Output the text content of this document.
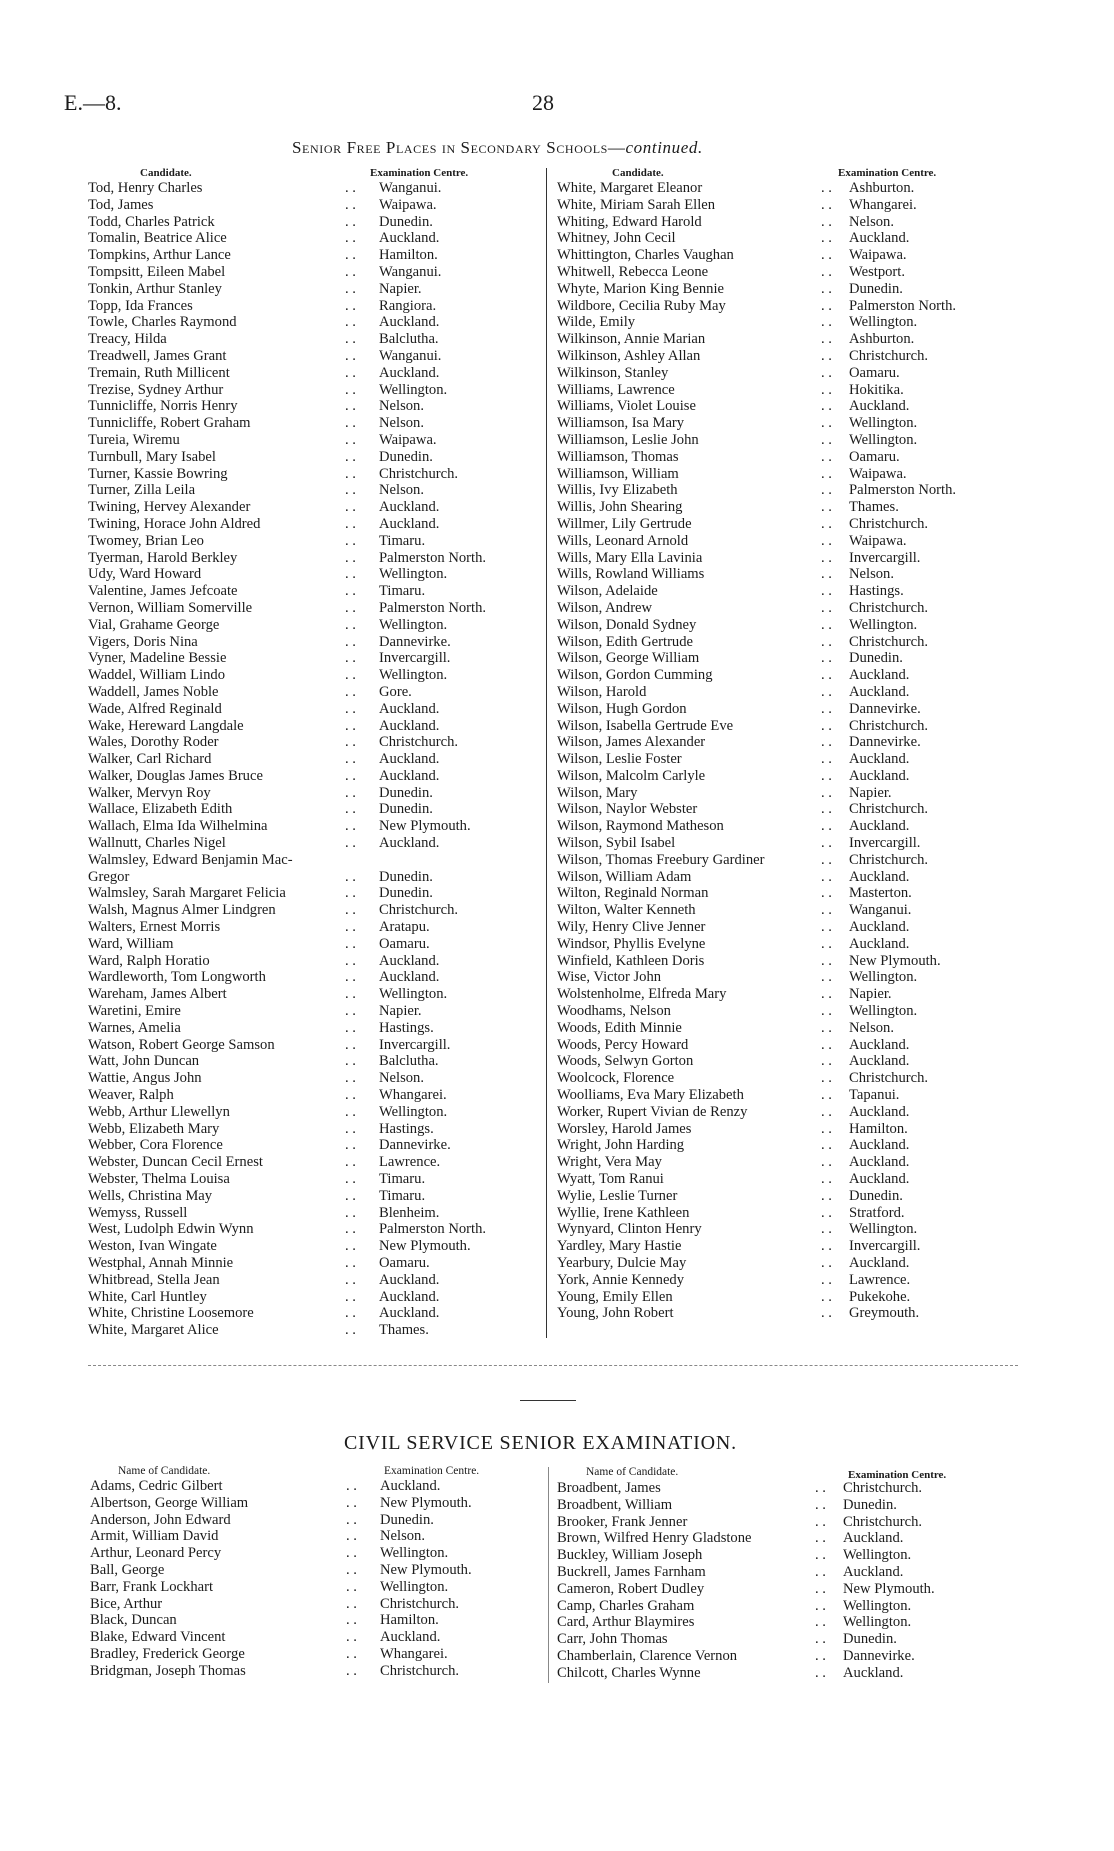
E.—8.	28
Senior Free Places in Secondary Schools—continued.
Candidate.	Examination Centre.	Candidate.	Examination Centre.
Tod, Henry Charles	. .	Wanganui.
Tod, James	. .	Waipawa.
Todd, Charles Patrick	. .	Dunedin.
Tomalin, Beatrice Alice	. .	Auckland.
Tompkins, Arthur Lance	. .	Hamilton.
Tompsitt, Eileen Mabel	. .	Wanganui.
Tonkin, Arthur Stanley	. .	Napier.
Topp, Ida Frances	. .	Rangiora.
Towle, Charles Raymond	. .	Auckland.
Treacy, Hilda	. .	Balclutha.
Treadwell, James Grant	. .	Wanganui.
Tremain, Ruth Millicent	. .	Auckland.
Trezise, Sydney Arthur	. .	Wellington.
Tunnicliffe, Norris Henry	. .	Nelson.
Tunnicliffe, Robert Graham	. .	Nelson.
Tureia, Wiremu	. .	Waipawa.
Turnbull, Mary Isabel	. .	Dunedin.
Turner, Kassie Bowring	. .	Christchurch.
Turner, Zilla Leila	. .	Nelson.
Twining, Hervey Alexander	. .	Auckland.
Twining, Horace John Aldred	. .	Auckland.
Twomey, Brian Leo	. .	Timaru.
Tyerman, Harold Berkley	. .	Palmerston North.
Udy, Ward Howard	. .	Wellington.
Valentine, James Jefcoate	. .	Timaru.
Vernon, William Somerville	. .	Palmerston North.
Vial, Grahame George	. .	Wellington.
Vigers, Doris Nina	. .	Dannevirke.
Vyner, Madeline Bessie	. .	Invercargill.
Waddel, William Lindo	. .	Wellington.
Waddell, James Noble	. .	Gore.
Wade, Alfred Reginald	. .	Auckland.
Wake, Hereward Langdale	. .	Auckland.
Wales, Dorothy Roder	. .	Christchurch.
Walker, Carl Richard	. .	Auckland.
Walker, Douglas James Bruce	. .	Auckland.
Walker, Mervyn Roy	. .	Dunedin.
Wallace, Elizabeth Edith	. .	Dunedin.
Wallach, Elma Ida Wilhelmina	. .	New Plymouth.
Wallnutt, Charles Nigel	. .	Auckland.
Walmsley, Edward Benjamin Mac-
Gregor	. .	Dunedin.
Walmsley, Sarah Margaret Felicia	. .	Dunedin.
Walsh, Magnus Almer Lindgren	. .	Christchurch.
Walters, Ernest Morris	. .	Aratapu.
Ward, William	. .	Oamaru.
Ward, Ralph Horatio	. .	Auckland.
Wardleworth, Tom Longworth	. .	Auckland.
Wareham, James Albert	. .	Wellington.
Waretini, Emire	. .	Napier.
Warnes, Amelia	. .	Hastings.
Watson, Robert George Samson	. .	Invercargill.
Watt, John Duncan	. .	Balclutha.
Wattie, Angus John	. .	Nelson.
Weaver, Ralph	. .	Whangarei.
Webb, Arthur Llewellyn	. .	Wellington.
Webb, Elizabeth Mary	. .	Hastings.
Webber, Cora Florence	. .	Dannevirke.
Webster, Duncan Cecil Ernest	. .	Lawrence.
Webster, Thelma Louisa	. .	Timaru.
Wells, Christina May	. .	Timaru.
Wemyss, Russell	. .	Blenheim.
West, Ludolph Edwin Wynn	. .	Palmerston North.
Weston, Ivan Wingate	. .	New Plymouth.
Westphal, Annah Minnie	. .	Oamaru.
Whitbread, Stella Jean	. .	Auckland.
White, Carl Huntley	. .	Auckland.
White, Christine Loosemore	. .	Auckland.
White, Margaret Alice	. .	Thames.
White, Margaret Eleanor	. .	Ashburton.
White, Miriam Sarah Ellen	. .	Whangarei.
Whiting, Edward Harold	. .	Nelson.
Whitney, John Cecil	. .	Auckland.
Whittington, Charles Vaughan	. .	Waipawa.
Whitwell, Rebecca Leone	. .	Westport.
Whyte, Marion King Bennie	. .	Dunedin.
Wildbore, Cecilia Ruby May	. .	Palmerston North.
Wilde, Emily	. .	Wellington.
Wilkinson, Annie Marian	. .	Ashburton.
Wilkinson, Ashley Allan	. .	Christchurch.
Wilkinson, Stanley	. .	Oamaru.
Williams, Lawrence	. .	Hokitika.
Williams, Violet Louise	. .	Auckland.
Williamson, Isa Mary	. .	Wellington.
Williamson, Leslie John	. .	Wellington.
Williamson, Thomas	. .	Oamaru.
Williamson, William	. .	Waipawa.
Willis, Ivy Elizabeth	. .	Palmerston North.
Willis, John Shearing	. .	Thames.
Willmer, Lily Gertrude	. .	Christchurch.
Wills, Leonard Arnold	. .	Waipawa.
Wills, Mary Ella Lavinia	. .	Invercargill.
Wills, Rowland Williams	. .	Nelson.
Wilson, Adelaide	. .	Hastings.
Wilson, Andrew	. .	Christchurch.
Wilson, Donald Sydney	. .	Wellington.
Wilson, Edith Gertrude	. .	Christchurch.
Wilson, George William	. .	Dunedin.
Wilson, Gordon Cumming	. .	Auckland.
Wilson, Harold	. .	Auckland.
Wilson, Hugh Gordon	. .	Dannevirke.
Wilson, Isabella Gertrude Eve	. .	Christchurch.
Wilson, James Alexander	. .	Dannevirke.
Wilson, Leslie Foster	. .	Auckland.
Wilson, Malcolm Carlyle	. .	Auckland.
Wilson, Mary	. .	Napier.
Wilson, Naylor Webster	. .	Christchurch.
Wilson, Raymond Matheson	. .	Auckland.
Wilson, Sybil Isabel	. .	Invercargill.
Wilson, Thomas Freebury Gardiner	. .	Christchurch.
Wilson, William Adam	. .	Auckland.
Wilton, Reginald Norman	. .	Masterton.
Wilton, Walter Kenneth	. .	Wanganui.
Wily, Henry Clive Jenner	. .	Auckland.
Windsor, Phyllis Evelyne	. .	Auckland.
Winfield, Kathleen Doris	. .	New Plymouth.
Wise, Victor John	. .	Wellington.
Wolstenholme, Elfreda Mary	. .	Napier.
Woodhams, Nelson	. .	Wellington.
Woods, Edith Minnie	. .	Nelson.
Woods, Percy Howard	. .	Auckland.
Woods, Selwyn Gorton	. .	Auckland.
Woolcock, Florence	. .	Christchurch.
Woolliams, Eva Mary Elizabeth	. .	Tapanui.
Worker, Rupert Vivian de Renzy	. .	Auckland.
Worsley, Harold James	. .	Hamilton.
Wright, John Harding	. .	Auckland.
Wright, Vera May	. .	Auckland.
Wyatt, Tom Ranui	. .	Auckland.
Wylie, Leslie Turner	. .	Dunedin.
Wyllie, Irene Kathleen	. .	Stratford.
Wynyard, Clinton Henry	. .	Wellington.
Yardley, Mary Hastie	. .	Invercargill.
Yearbury, Dulcie May	. .	Auckland.
York, Annie Kennedy	. .	Lawrence.
Young, Emily Ellen	. .	Pukekohe.
Young, John Robert	. .	Greymouth.
CIVIL SERVICE SENIOR EXAMINATION.
Name of Candidate.	Examination Centre.	Name of Candidate.	Examination Centre.
Adams, Cedric Gilbert	. .	Auckland.
Albertson, George William	. .	New Plymouth.
Anderson, John Edward	. .	Dunedin.
Armit, William David	. .	Nelson.
Arthur, Leonard Percy	. .	Wellington.
Ball, George	. .	New Plymouth.
Barr, Frank Lockhart	. .	Wellington.
Bice, Arthur	. .	Christchurch.
Black, Duncan	. .	Hamilton.
Blake, Edward Vincent	. .	Auckland.
Bradley, Frederick George	. .	Whangarei.
Bridgman, Joseph Thomas	. .	Christchurch.
Broadbent, James	. .	Christchurch.
Broadbent, William	. .	Dunedin.
Brooker, Frank Jenner	. .	Christchurch.
Brown, Wilfred Henry Gladstone	. .	Auckland.
Buckley, William Joseph	. .	Wellington.
Buckrell, James Farnham	. .	Auckland.
Cameron, Robert Dudley	. .	New Plymouth.
Camp, Charles Graham	. .	Wellington.
Card, Arthur Blaymires	. .	Wellington.
Carr, John Thomas	. .	Dunedin.
Chamberlain, Clarence Vernon	. .	Dannevirke.
Chilcott, Charles Wynne	. .	Auckland.
